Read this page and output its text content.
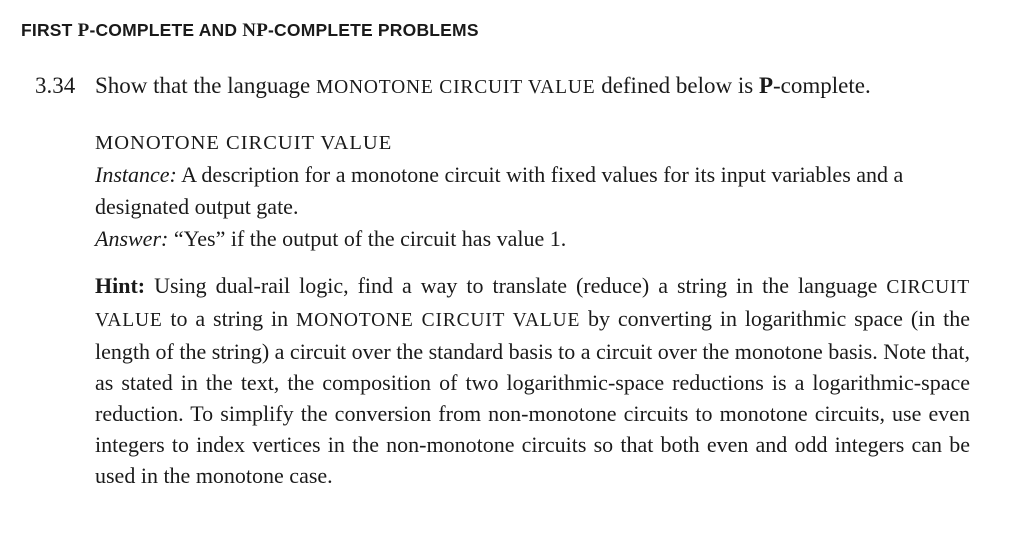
FIRST P-COMPLETE AND NP-COMPLETE PROBLEMS
3.34 Show that the language MONOTONE CIRCUIT VALUE defined below is P-complete.
MONOTONE CIRCUIT VALUE
Instance: A description for a monotone circuit with fixed values for its input variables and a designated output gate.
Answer: “Yes” if the output of the circuit has value 1.
Hint: Using dual-rail logic, find a way to translate (reduce) a string in the language CIRCUIT VALUE to a string in MONOTONE CIRCUIT VALUE by converting in logarithmic space (in the length of the string) a circuit over the standard basis to a circuit over the monotone basis. Note that, as stated in the text, the composition of two logarithmic-space reductions is a logarithmic-space reduction. To simplify the conversion from non-monotone circuits to monotone circuits, use even integers to index vertices in the non-monotone circuits so that both even and odd integers can be used in the monotone case.
